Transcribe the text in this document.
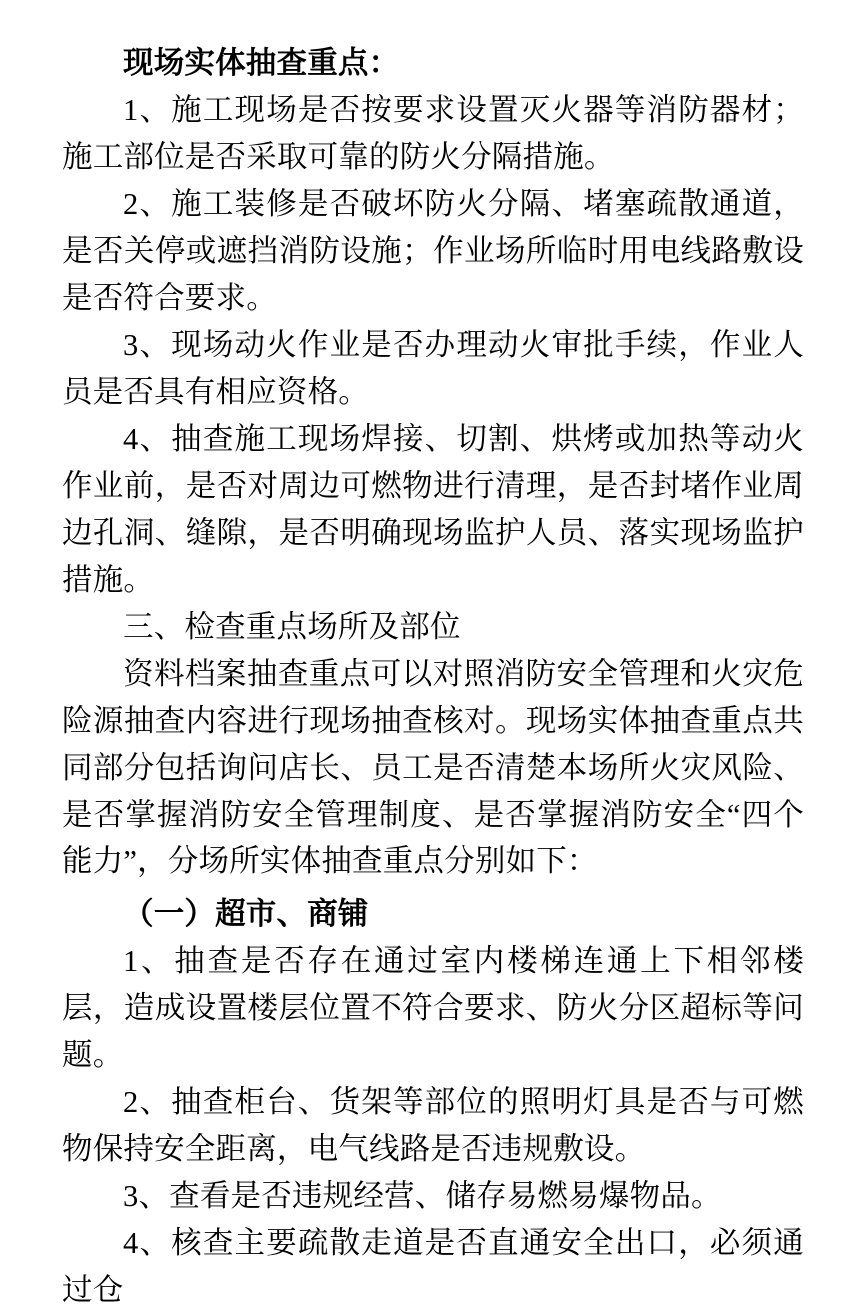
现场实体抽查重点：

1、施工现场是否按要求设置灭火器等消防器材；施工部位是否采取可靠的防火分隔措施。

2、施工装修是否破坏防火分隔、堵塞疏散通道，是否关停或遮挡消防设施；作业场所临时用电线路敷设是否符合要求。

3、现场动火作业是否办理动火审批手续，作业人员是否具有相应资格。

4、抽查施工现场焊接、切割、烘烤或加热等动火作业前，是否对周边可燃物进行清理，是否封堵作业周边孔洞、缝隙，是否明确现场监护人员、落实现场监护措施。

三、检查重点场所及部位

资料档案抽查重点可以对照消防安全管理和火灾危险源抽查内容进行现场抽查核对。现场实体抽查重点共同部分包括询问店长、员工是否清楚本场所火灾风险、是否掌握消防安全管理制度、是否掌握消防安全“四个能力”，分场所实体抽查重点分别如下：

（一）超市、商铺

1、抽查是否存在通过室内楼梯连通上下相邻楼层，造成设置楼层位置不符合要求、防火分区超标等问题。

2、抽查柜台、货架等部位的照明灯具是否与可燃物保持安全距离，电气线路是否违规敷设。

3、查看是否违规经营、储存易燃易爆物品。

4、核查主要疏散走道是否直通安全出口，必须通过仓
